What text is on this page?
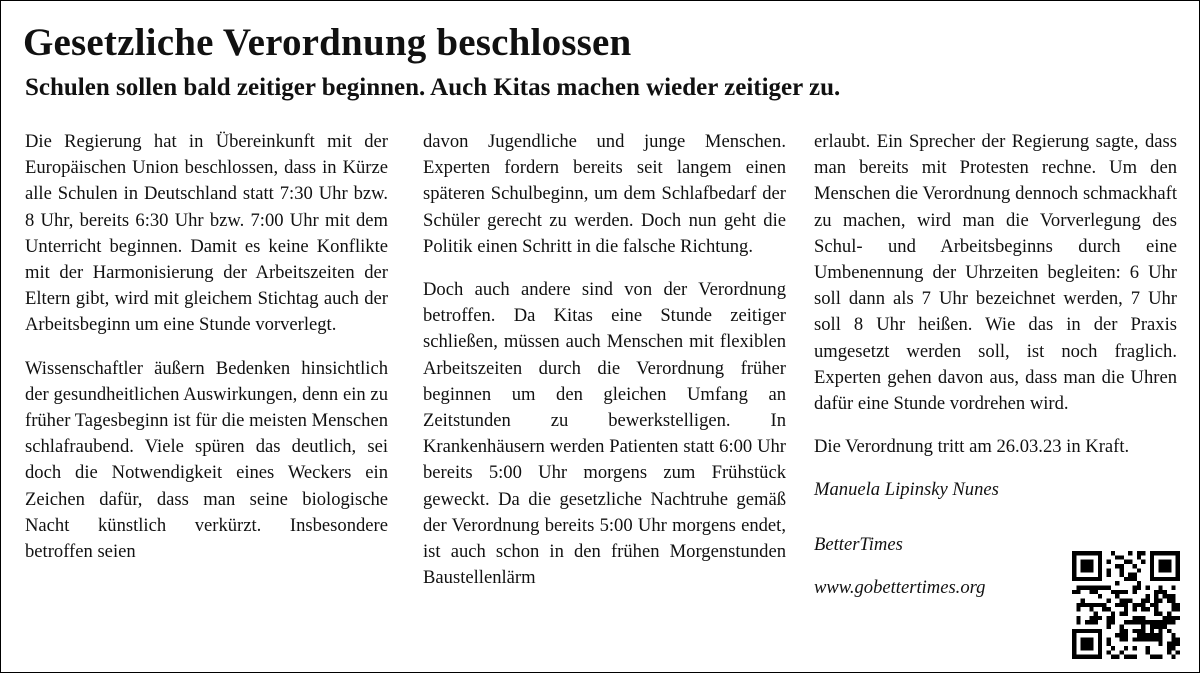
Gesetzliche Verordnung beschlossen
Schulen sollen bald zeitiger beginnen. Auch Kitas machen wieder zeitiger zu.

Die Regierung hat in Übereinkunft mit der Europäischen Union beschlossen, dass in Kürze alle Schulen in Deutschland statt 7:30 Uhr bzw. 8 Uhr, bereits 6:30 Uhr bzw. 7:00 Uhr mit dem Unterricht beginnen. Damit es keine Konflikte mit der Harmonisierung der Arbeitszeiten der Eltern gibt, wird mit gleichem Stichtag auch der Arbeitsbeginn um eine Stunde vorverlegt.

Wissenschaftler äußern Bedenken hinsichtlich der gesundheitlichen Auswirkungen, denn ein zu früher Tagesbeginn ist für die meisten Menschen schlafraubend. Viele spüren das deutlich, sei doch die Notwendigkeit eines Weckers ein Zeichen dafür, dass man seine biologische Nacht künstlich verkürzt. Insbesondere betroffen seien

davon Jugendliche und junge Menschen. Experten fordern bereits seit langem einen späteren Schulbeginn, um dem Schlafbedarf der Schüler gerecht zu werden. Doch nun geht die Politik einen Schritt in die falsche Richtung.

Doch auch andere sind von der Verordnung betroffen. Da Kitas eine Stunde zeitiger schließen, müssen auch Menschen mit flexiblen Arbeitszeiten durch die Verordnung früher beginnen um den gleichen Umfang an Zeitstunden zu bewerkstelligen. In Krankenhäusern werden Patienten statt 6:00 Uhr bereits 5:00 Uhr morgens zum Frühstück geweckt. Da die gesetzliche Nachtruhe gemäß der Verordnung bereits 5:00 Uhr morgens endet, ist auch schon in den frühen Morgenstunden Baustellenlärm

erlaubt. Ein Sprecher der Regierung sagte, dass man bereits mit Protesten rechne. Um den Menschen die Verordnung dennoch schmackhaft zu machen, wird man die Vorverlegung des Schul- und Arbeitsbeginns durch eine Umbenennung der Uhrzeiten begleiten: 6 Uhr soll dann als 7 Uhr bezeichnet werden, 7 Uhr soll 8 Uhr heißen. Wie das in der Praxis umgesetzt werden soll, ist noch fraglich. Experten gehen davon aus, dass man die Uhren dafür eine Stunde vordrehen wird.

Die Verordnung tritt am 26.03.23 in Kraft.

Manuela Lipinsky Nunes

BetterTimes

www.gobettertimes.org
